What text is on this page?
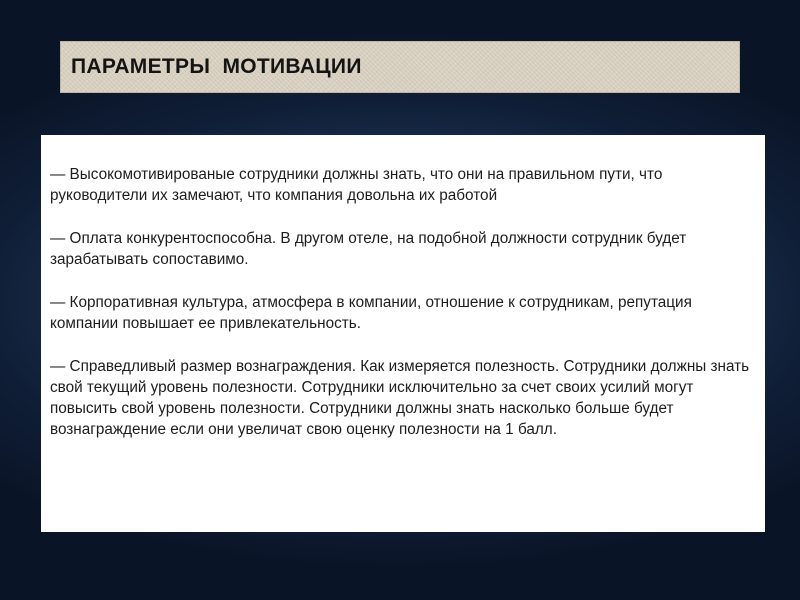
ПАРАМЕТРЫ  МОТИВАЦИИ

— Высокомотивированые сотрудники должны знать, что они на правильном пути, что руководители их замечают, что компания довольна их работой

— Оплата конкурентоспособна. В другом отеле, на подобной должности сотрудник будет зарабатывать сопоставимо.

— Корпоративная культура, атмосфера в компании, отношение к сотрудникам, репутация компании повышает ее привлекательность.

— Справедливый размер вознаграждения. Как измеряется полезность. Сотрудники должны знать свой текущий уровень полезности. Сотрудники исключительно за счет своих усилий могут повысить свой уровень полезности. Сотрудники должны знать насколько больше будет вознаграждение если они увеличат свою оценку полезности на 1 балл.
